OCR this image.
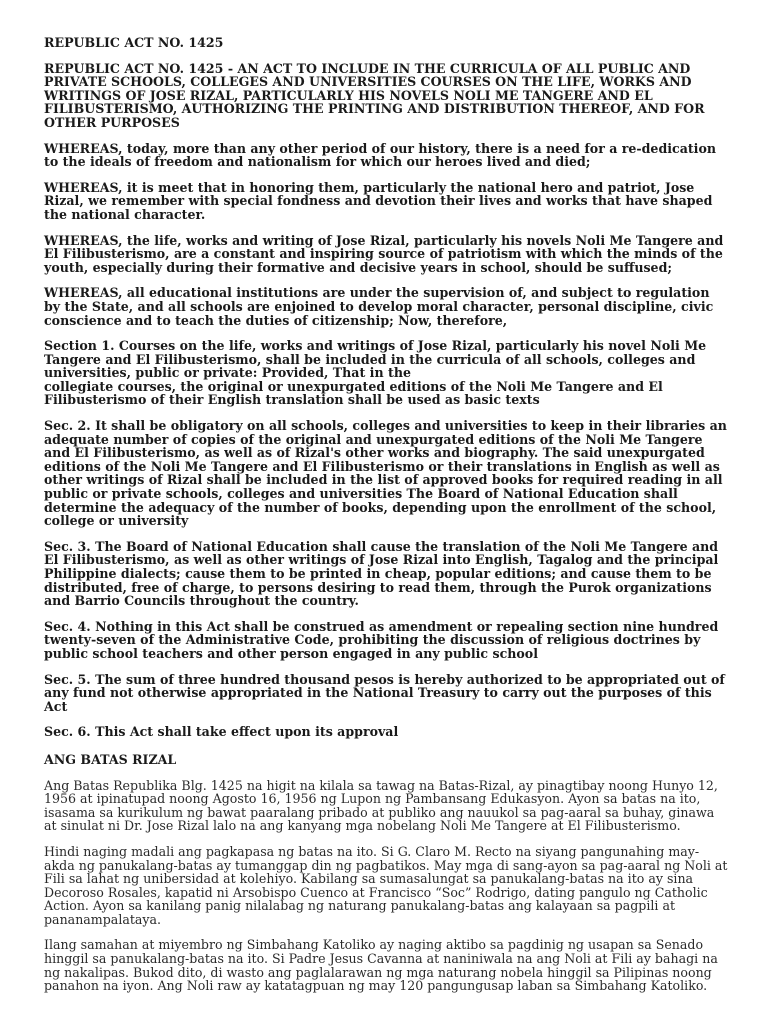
REPUBLIC ACT NO. 1425
REPUBLIC ACT NO. 1425 - AN ACT TO INCLUDE IN THE CURRICULA OF ALL PUBLIC AND PRIVATE SCHOOLS, COLLEGES AND UNIVERSITIES COURSES ON THE LIFE, WORKS AND WRITINGS OF JOSE RIZAL, PARTICULARLY HIS NOVELS NOLI ME TANGERE AND EL FILIBUSTERISMO, AUTHORIZING THE PRINTING AND DISTRIBUTION THEREOF, AND FOR OTHER PURPOSES
WHEREAS, today, more than any other period of our history, there is a need for a re-dedication to the ideals of freedom and nationalism for which our heroes lived and died;
WHEREAS, it is meet that in honoring them, particularly the national hero and patriot, Jose Rizal, we remember with special fondness and devotion their lives and works that have shaped the national character.
WHEREAS, the life, works and writing of Jose Rizal, particularly his novels Noli Me Tangere and El Filibusterismo, are a constant and inspiring source of patriotism with which the minds of the youth, especially during their formative and decisive years in school, should be suffused;
WHEREAS, all educational institutions are under the supervision of, and subject to regulation by the State, and all schools are enjoined to develop moral character, personal discipline, civic conscience and to teach the duties of citizenship; Now, therefore,
Section 1. Courses on the life, works and writings of Jose Rizal, particularly his novel Noli Me Tangere and El Filibusterismo, shall be included in the curricula of all schools, colleges and universities, public or private: Provided, That in the
collegiate courses, the original or unexpurgated editions of the Noli Me Tangere and El Filibusterismo of their English translation shall be used as basic texts
Sec. 2. It shall be obligatory on all schools, colleges and universities to keep in their libraries an adequate number of copies of the original and unexpurgated editions of the Noli Me Tangere and El Filibusterismo, as well as of Rizal's other works and biography. The said unexpurgated editions of the Noli Me Tangere and El Filibusterismo or their translations in English as well as other writings of Rizal shall be included in the list of approved books for required reading in all public or private schools, colleges and universities The Board of National Education shall determine the adequacy of the number of books, depending upon the enrollment of the school, college or university
Sec. 3. The Board of National Education shall cause the translation of the Noli Me Tangere and El Filibusterismo, as well as other writings of Jose Rizal into English, Tagalog and the principal Philippine dialects; cause them to be printed in cheap, popular editions; and cause them to be distributed, free of charge, to persons desiring to read them, through the Purok organizations and Barrio Councils throughout the country.
Sec. 4. Nothing in this Act shall be construed as amendment or repealing section nine hundred twenty-seven of the Administrative Code, prohibiting the discussion of religious doctrines by public school teachers and other person engaged in any public school
Sec. 5. The sum of three hundred thousand pesos is hereby authorized to be appropriated out of any fund not otherwise appropriated in the National Treasury to carry out the purposes of this Act
Sec. 6. This Act shall take effect upon its approval
ANG BATAS RIZAL
Ang Batas Republika Blg. 1425 na higit na kilala sa tawag na Batas-Rizal, ay pinagtibay noong Hunyo 12, 1956 at ipinatupad noong Agosto 16, 1956 ng Lupon ng Pambansang Edukasyon. Ayon sa batas na ito, isasama sa kurikulum ng bawat paaralang pribado at publiko ang nauukol sa pag-aaral sa buhay, ginawa at sinulat ni Dr. Jose Rizal lalo na ang kanyang mga nobelang Noli Me Tangere at El Filibusterismo.
Hindi naging madali ang pagkapasa ng batas na ito. Si G. Claro M. Recto na siyang pangunahing may-akda ng panukalang-batas ay tumanggap din ng pagbatikos. May mga di sang-ayon sa pag-aaral ng Noli at Fili sa lahat ng unibersidad at kolehiyo. Kabilang sa sumasalungat sa panukalang-batas na ito ay sina Decoroso Rosales, kapatid ni Arsobispo Cuenco at Francisco “Soc” Rodrigo, dating pangulo ng Catholic Action. Ayon sa kanilang panig nilalabag ng naturang panukalang-batas ang kalayaan sa pagpili at pananampalataya.
Ilang samahan at miyembro ng Simbahang Katoliko ay naging aktibo sa pagdinig ng usapan sa Senado hinggil sa panukalang-batas na ito. Si Padre Jesus Cavanna at naniniwala na ang Noli at Fili ay bahagi na ng nakalipas. Bukod dito, di wasto ang paglalarawan ng mga naturang nobela hinggil sa Pilipinas noong panahon na iyon. Ang Noli raw ay katatagpuan ng may 120 pangungusap laban sa Simbahang Katoliko.
